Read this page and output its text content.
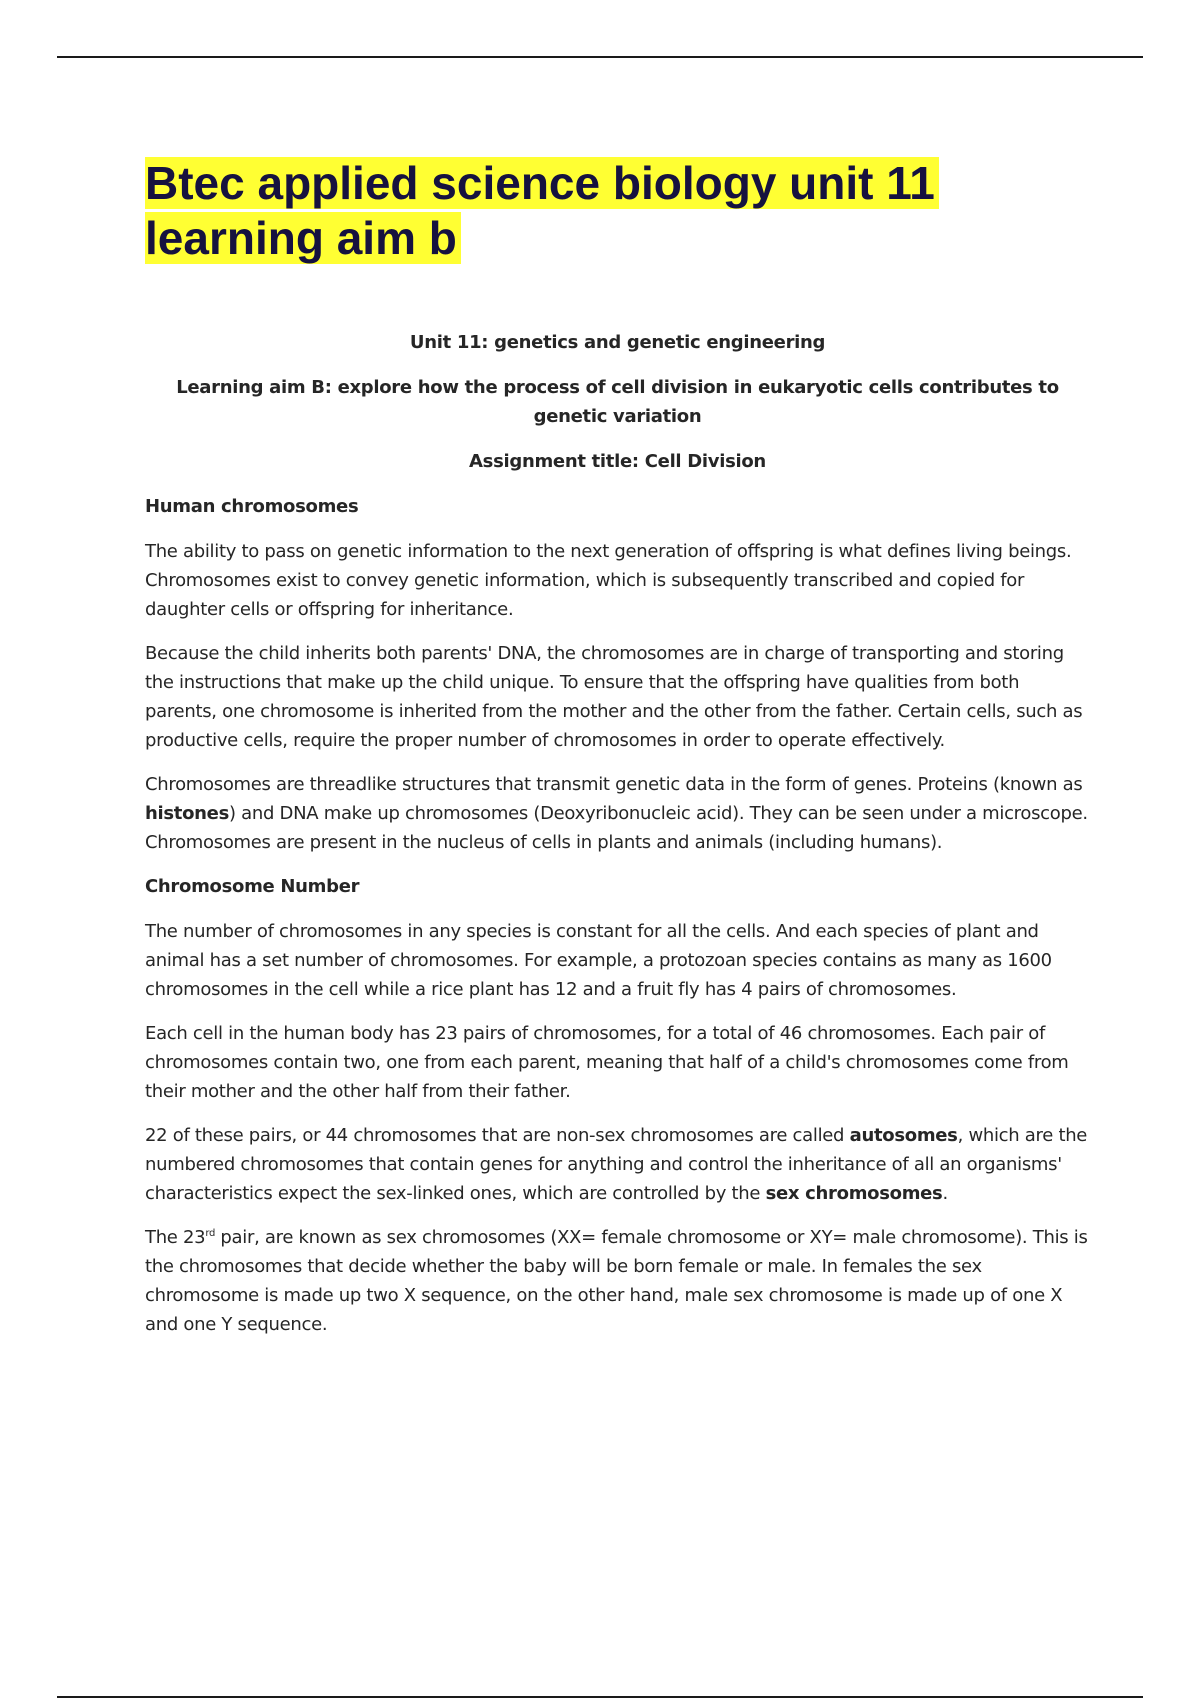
Btec applied science biology unit 11
learning aim b

Unit 11: genetics and genetic engineering

Learning aim B: explore how the process of cell division in eukaryotic cells contributes to genetic variation

Assignment title: Cell Division

Human chromosomes

The ability to pass on genetic information to the next generation of offspring is what defines living beings. Chromosomes exist to convey genetic information, which is subsequently transcribed and copied for daughter cells or offspring for inheritance.

Because the child inherits both parents' DNA, the chromosomes are in charge of transporting and storing the instructions that make up the child unique. To ensure that the offspring have qualities from both parents, one chromosome is inherited from the mother and the other from the father. Certain cells, such as productive cells, require the proper number of chromosomes in order to operate effectively.

Chromosomes are threadlike structures that transmit genetic data in the form of genes. Proteins (known as histones) and DNA make up chromosomes (Deoxyribonucleic acid). They can be seen under a microscope. Chromosomes are present in the nucleus of cells in plants and animals (including humans).

Chromosome Number

The number of chromosomes in any species is constant for all the cells. And each species of plant and animal has a set number of chromosomes. For example, a protozoan species contains as many as 1600 chromosomes in the cell while a rice plant has 12 and a fruit fly has 4 pairs of chromosomes.

Each cell in the human body has 23 pairs of chromosomes, for a total of 46 chromosomes. Each pair of chromosomes contain two, one from each parent, meaning that half of a child's chromosomes come from their mother and the other half from their father.

22 of these pairs, or 44 chromosomes that are non-sex chromosomes are called autosomes, which are the numbered chromosomes that contain genes for anything and control the inheritance of all an organisms' characteristics expect the sex-linked ones, which are controlled by the sex chromosomes.

The 23rd pair, are known as sex chromosomes (XX= female chromosome or XY= male chromosome). This is the chromosomes that decide whether the baby will be born female or male. In females the sex chromosome is made up two X sequence, on the other hand, male sex chromosome is made up of one X and one Y sequence.
